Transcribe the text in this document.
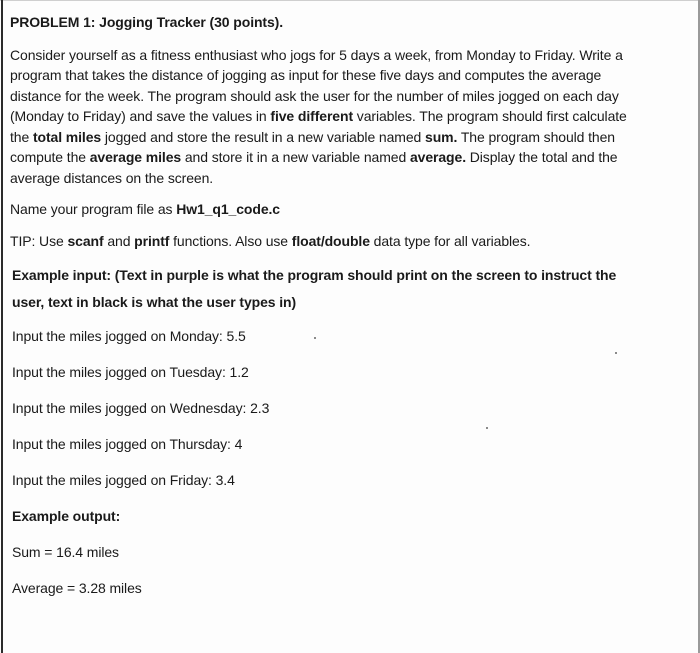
PROBLEM 1: Jogging Tracker (30 points).

Consider yourself as a fitness enthusiast who jogs for 5 days a week, from Monday to Friday. Write a program that takes the distance of jogging as input for these five days and computes the average distance for the week. The program should ask the user for the number of miles jogged on each day (Monday to Friday) and save the values in five different variables. The program should first calculate the total miles jogged and store the result in a new variable named sum. The program should then compute the average miles and store it in a new variable named average. Display the total and the average distances on the screen.

Name your program file as Hw1_q1_code.c

TIP: Use scanf and printf functions. Also use float/double data type for all variables.

Example input: (Text in purple is what the program should print on the screen to instruct the user, text in black is what the user types in)

Input the miles jogged on Monday: 5.5

Input the miles jogged on Tuesday: 1.2

Input the miles jogged on Wednesday: 2.3

Input the miles jogged on Thursday: 4

Input the miles jogged on Friday: 3.4

Example output:

Sum = 16.4 miles

Average = 3.28 miles
